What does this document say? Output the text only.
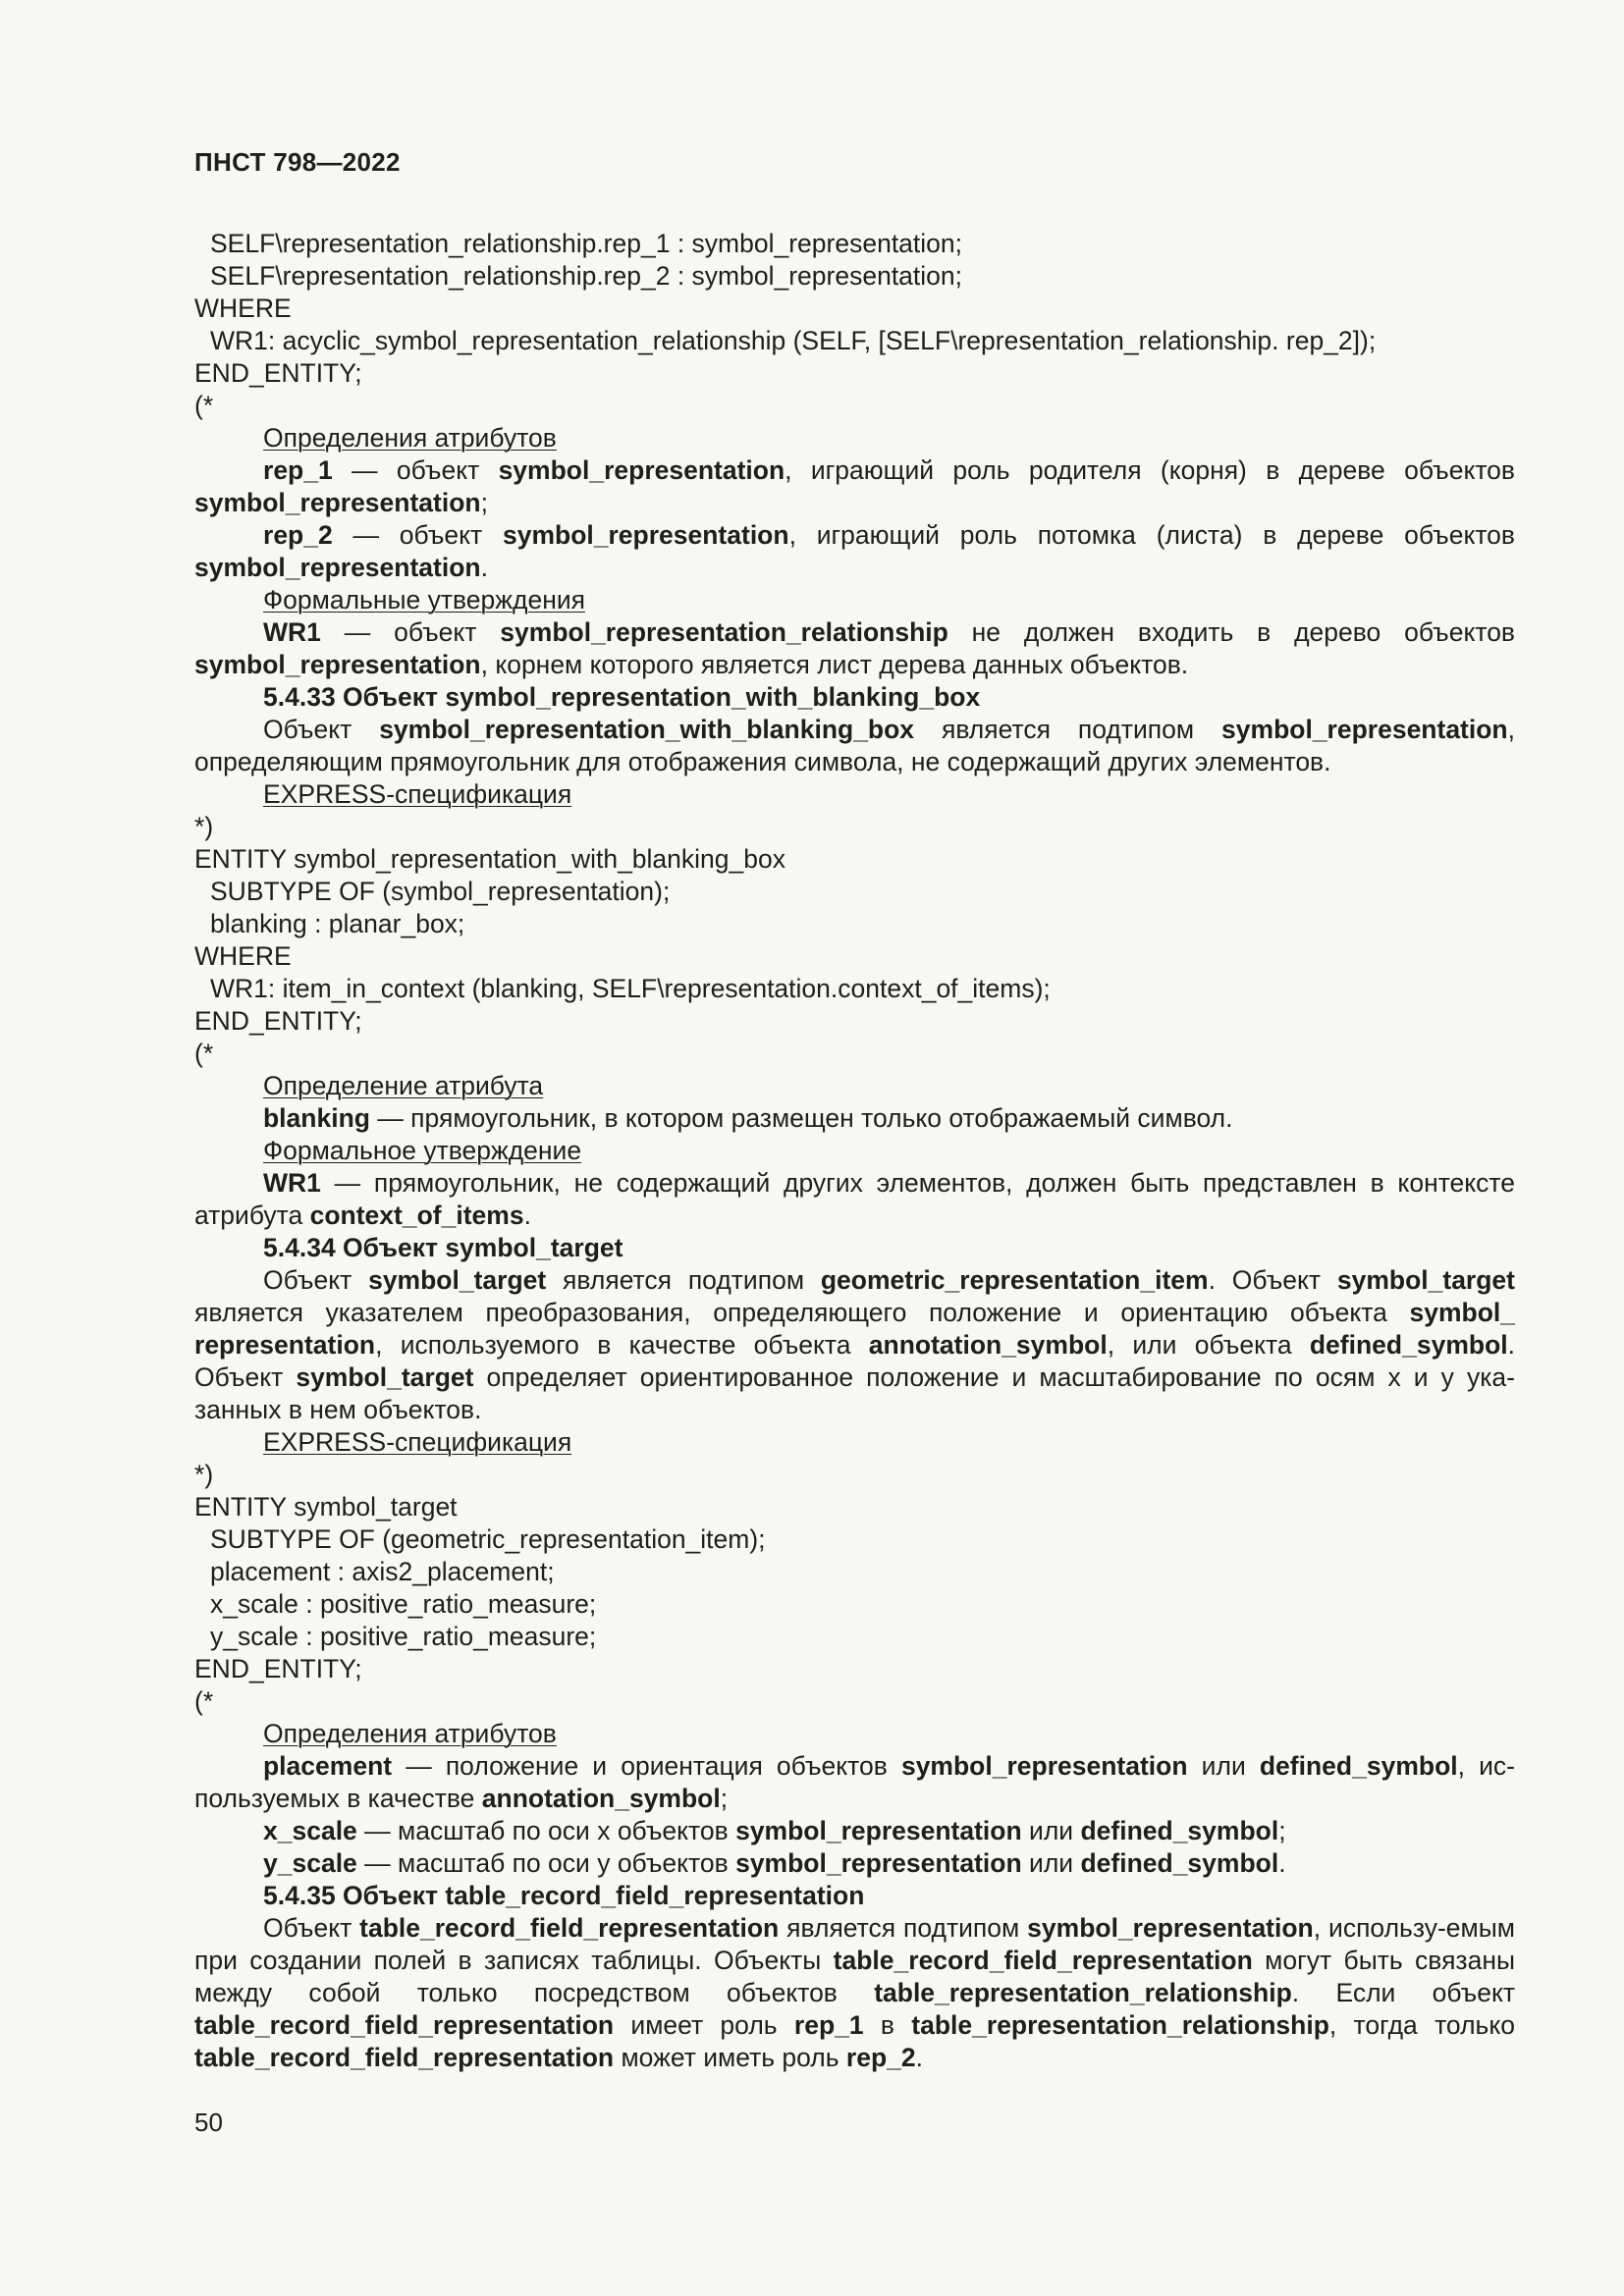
ПНСТ 798—2022
SELF\representation_relationship.rep_1 : symbol_representation;
SELF\representation_relationship.rep_2 : symbol_representation;
WHERE
WR1: acyclic_symbol_representation_relationship (SELF, [SELF\representation_relationship. rep_2]);
END_ENTITY;
(*
Определения атрибутов
rep_1 — объект symbol_representation, играющий роль родителя (корня) в дереве объектов symbol_representation;
rep_2 — объект symbol_representation, играющий роль потомка (листа) в дереве объектов symbol_representation.
Формальные утверждения
WR1 — объект symbol_representation_relationship не должен входить в дерево объектов symbol_representation, корнем которого является лист дерева данных объектов.
5.4.33 Объект symbol_representation_with_blanking_box
Объект symbol_representation_with_blanking_box является подтипом symbol_representation, определяющим прямоугольник для отображения символа, не содержащий других элементов.
EXPRESS-спецификация
*)
ENTITY symbol_representation_with_blanking_box
SUBTYPE OF (symbol_representation);
blanking : planar_box;
WHERE
WR1: item_in_context (blanking, SELF\representation.context_of_items);
END_ENTITY;
(*
Определение атрибута
blanking — прямоугольник, в котором размещен только отображаемый символ.
Формальное утверждение
WR1 — прямоугольник, не содержащий других элементов, должен быть представлен в контексте атрибута context_of_items.
5.4.34 Объект symbol_target
Объект symbol_target является подтипом geometric_representation_item. Объект symbol_target является указателем преобразования, определяющего положение и ориентацию объекта symbol_ representation, используемого в качестве объекта annotation_symbol, или объекта defined_symbol. Объект symbol_target определяет ориентированное положение и масштабирование по осям x и y ука-занных в нем объектов.
EXPRESS-спецификация
*)
ENTITY symbol_target
SUBTYPE OF (geometric_representation_item);
placement : axis2_placement;
x_scale : positive_ratio_measure;
y_scale : positive_ratio_measure;
END_ENTITY;
(*
Определения атрибутов
placement — положение и ориентация объектов symbol_representation или defined_symbol, ис-пользуемых в качестве annotation_symbol;
x_scale — масштаб по оси x объектов symbol_representation или defined_symbol;
y_scale — масштаб по оси y объектов symbol_representation или defined_symbol.
5.4.35 Объект table_record_field_representation
Объект table_record_field_representation является подтипом symbol_representation, использу-емым при создании полей в записях таблицы. Объекты table_record_field_representation могут быть связаны между собой только посредством объектов table_representation_relationship. Если объект table_record_field_representation имеет роль rep_1 в table_representation_relationship, тогда только table_record_field_representation может иметь роль rep_2.
50
